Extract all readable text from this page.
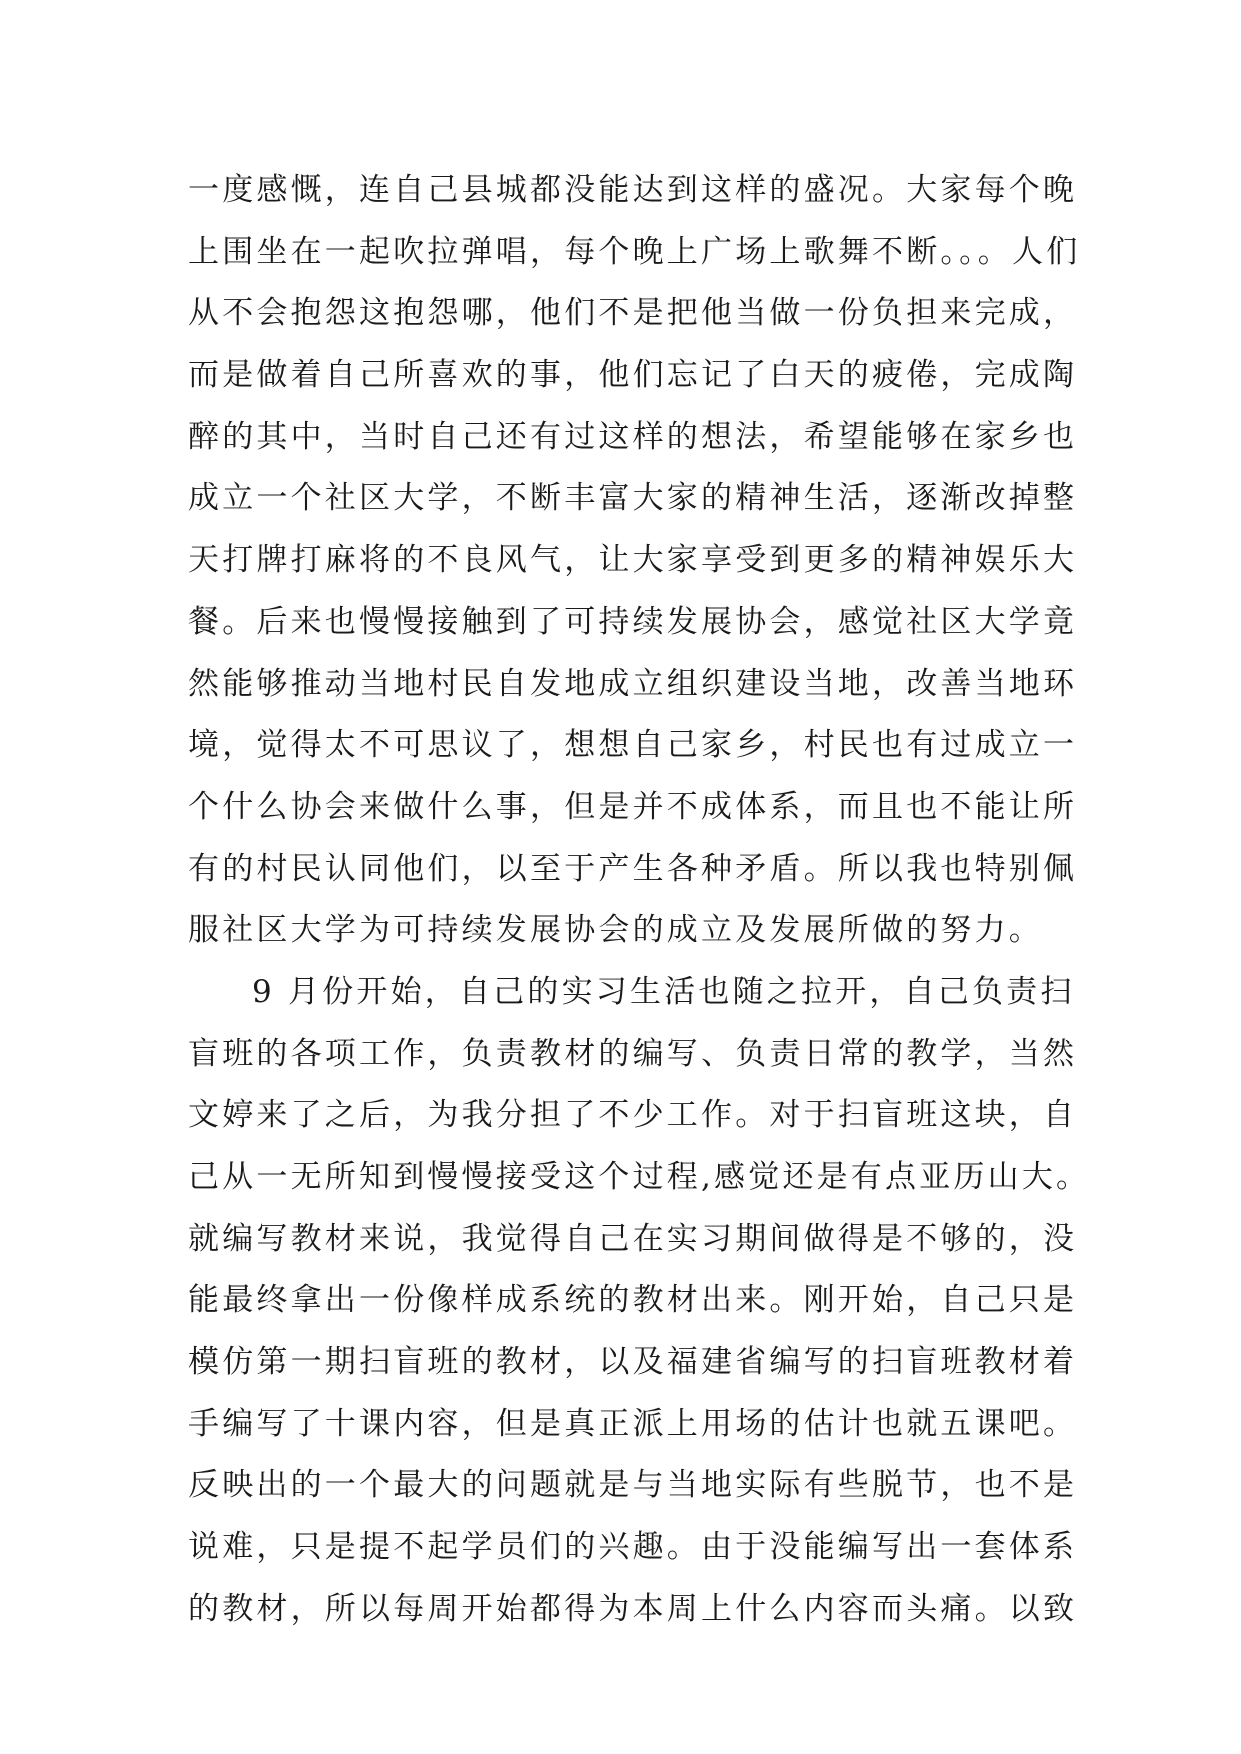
一度感慨，连自己县城都没能达到这样的盛况。大家每个晚
上围坐在一起吹拉弹唱，每个晚上广场上歌舞不断。。。人们
从不会抱怨这抱怨哪，他们不是把他当做一份负担来完成，
而是做着自己所喜欢的事，他们忘记了白天的疲倦，完成陶
醉的其中，当时自己还有过这样的想法，希望能够在家乡也
成立一个社区大学，不断丰富大家的精神生活，逐渐改掉整
天打牌打麻将的不良风气，让大家享受到更多的精神娱乐大
餐。后来也慢慢接触到了可持续发展协会，感觉社区大学竟
然能够推动当地村民自发地成立组织建设当地，改善当地环
境，觉得太不可思议了，想想自己家乡，村民也有过成立一
个什么协会来做什么事，但是并不成体系，而且也不能让所
有的村民认同他们，以至于产生各种矛盾。所以我也特别佩
服社区大学为可持续发展协会的成立及发展所做的努力。
9 月份开始，自己的实习生活也随之拉开，自己负责扫
盲班的各项工作，负责教材的编写、负责日常的教学，当然
文婷来了之后，为我分担了不少工作。对于扫盲班这块，自
己从一无所知到慢慢接受这个过程,感觉还是有点亚历山大。
就编写教材来说，我觉得自己在实习期间做得是不够的，没
能最终拿出一份像样成系统的教材出来。刚开始，自己只是
模仿第一期扫盲班的教材，以及福建省编写的扫盲班教材着
手编写了十课内容，但是真正派上用场的估计也就五课吧。
反映出的一个最大的问题就是与当地实际有些脱节，也不是
说难，只是提不起学员们的兴趣。由于没能编写出一套体系
的教材，所以每周开始都得为本周上什么内容而头痛。以致
